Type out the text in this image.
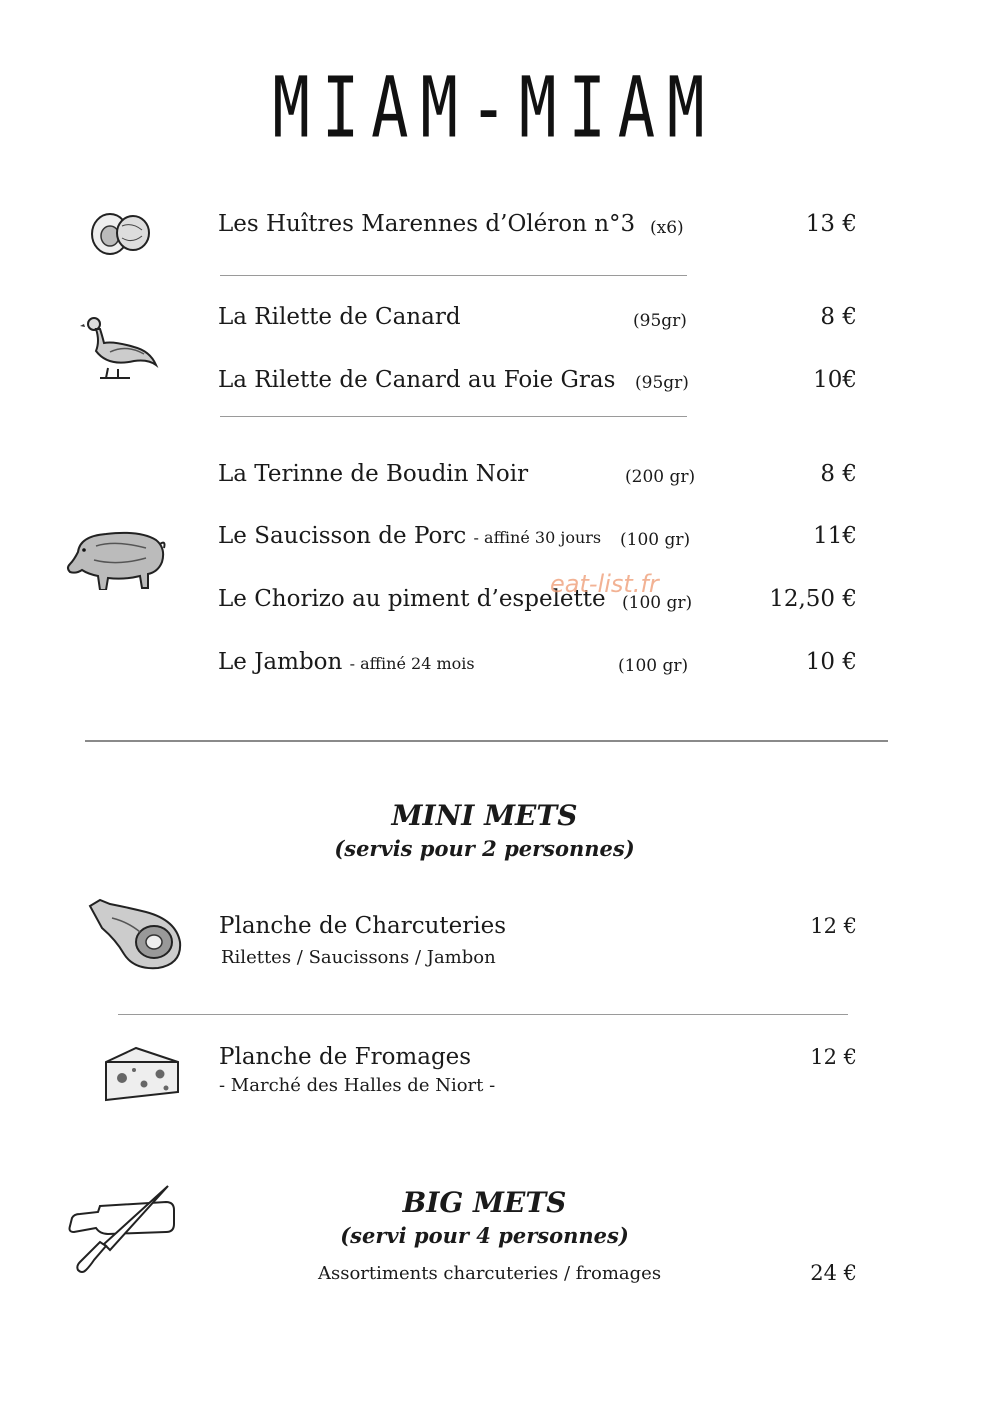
MIAM-MIAM
Les Huîtres Marennes d’Oléron n°3 (x6)	13 €
La Rilette de Canard	(95gr)	8 €
La Rilette de Canard au Foie Gras (95gr)	10€
La Terinne de Boudin Noir	(200 gr)	8 €
Le Saucisson de Porc - affiné 30 jours (100 gr)	11€
Le Chorizo au piment d’espelette (100 gr)	12,50 €
Le Jambon - affiné 24 mois	(100 gr)	10 €
eat-list.fr
MINI METS
(servis pour 2 personnes)
Planche de Charcuteries
Rilettes / Saucissons / Jambon
12 €
Planche de Fromages
- Marché des Halles de Niort -
12 €
BIG METS
(servi pour 4 personnes)
Assortiments charcuteries / fromages	24 €
